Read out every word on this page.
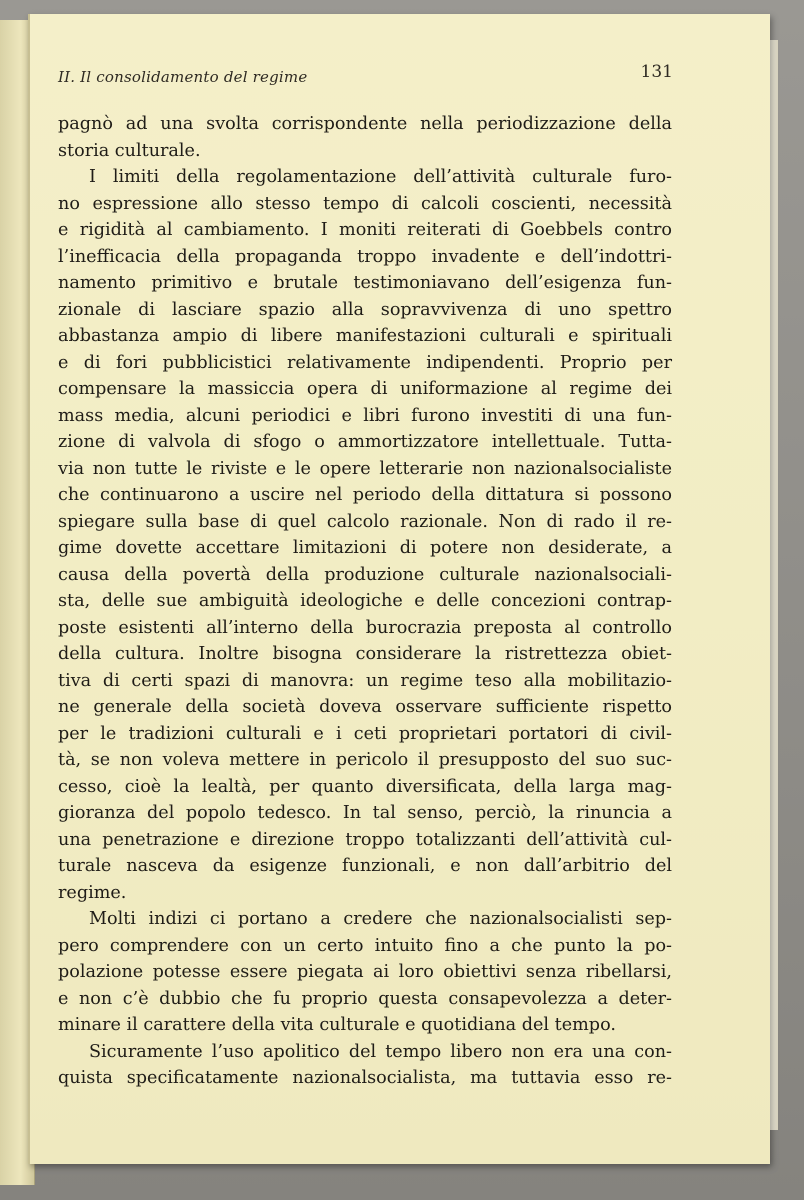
II. Il consolidamento del regime	131
pagnò ad una svolta corrispondente nella periodizzazione della
storia culturale.
I limiti della regolamentazione dell’attività culturale furo-
no espressione allo stesso tempo di calcoli coscienti, necessità
e rigidità al cambiamento. I moniti reiterati di Goebbels contro
l’inefficacia della propaganda troppo invadente e dell’indottri-
namento primitivo e brutale testimoniavano dell’esigenza fun-
zionale di lasciare spazio alla sopravvivenza di uno spettro
abbastanza ampio di libere manifestazioni culturali e spirituali
e di fori pubblicistici relativamente indipendenti. Proprio per
compensare la massiccia opera di uniformazione al regime dei
mass media, alcuni periodici e libri furono investiti di una fun-
zione di valvola di sfogo o ammortizzatore intellettuale. Tutta-
via non tutte le riviste e le opere letterarie non nazionalsocialiste
che continuarono a uscire nel periodo della dittatura si possono
spiegare sulla base di quel calcolo razionale. Non di rado il re-
gime dovette accettare limitazioni di potere non desiderate, a
causa della povertà della produzione culturale nazionalsociali-
sta, delle sue ambiguità ideologiche e delle concezioni contrap-
poste esistenti all’interno della burocrazia preposta al controllo
della cultura. Inoltre bisogna considerare la ristrettezza obiet-
tiva di certi spazi di manovra: un regime teso alla mobilitazio-
ne generale della società doveva osservare sufficiente rispetto
per le tradizioni culturali e i ceti proprietari portatori di civil-
tà, se non voleva mettere in pericolo il presupposto del suo suc-
cesso, cioè la lealtà, per quanto diversificata, della larga mag-
gioranza del popolo tedesco. In tal senso, perciò, la rinuncia a
una penetrazione e direzione troppo totalizzanti dell’attività cul-
turale nasceva da esigenze funzionali, e non dall’arbitrio del
regime.
Molti indizi ci portano a credere che nazionalsocialisti sep-
pero comprendere con un certo intuito fino a che punto la po-
polazione potesse essere piegata ai loro obiettivi senza ribellarsi,
e non c’è dubbio che fu proprio questa consapevolezza a deter-
minare il carattere della vita culturale e quotidiana del tempo.
Sicuramente l’uso apolitico del tempo libero non era una con-
quista specificatamente nazionalsocialista, ma tuttavia esso re-
